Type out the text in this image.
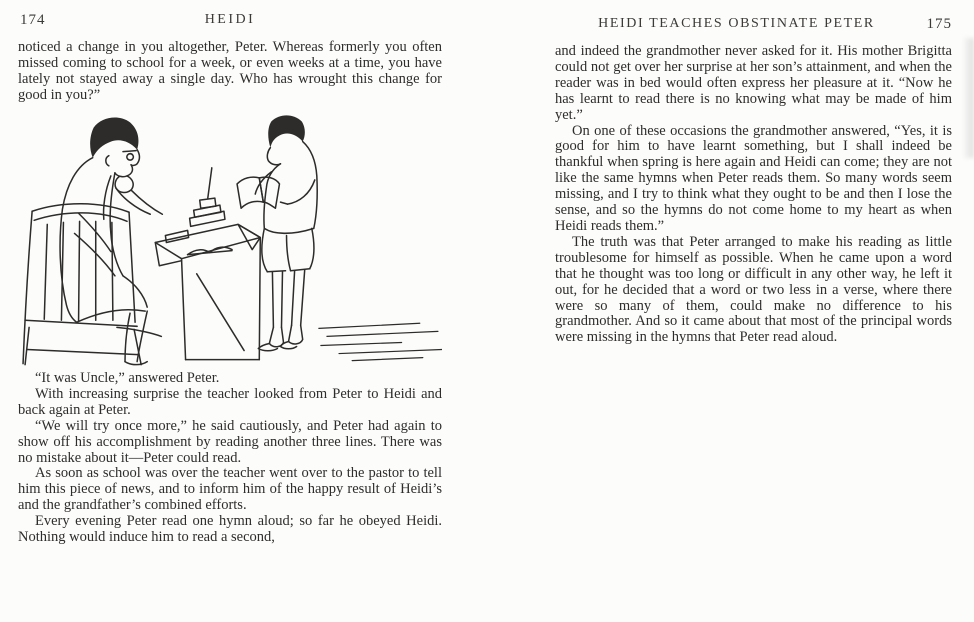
174	HEIDI

noticed a change in you altogether, Peter. Whereas formerly you often missed coming to school for a week, or even weeks at a time, you have lately not stayed away a single day. Who has wrought this change for good in you?”

“It was Uncle,” answered Peter.

With increasing surprise the teacher looked from Peter to Heidi and back again at Peter.

“We will try once more,” he said cautiously, and Peter had again to show off his accomplishment by reading another three lines. There was no mistake about it—Peter could read.

As soon as school was over the teacher went over to the pastor to tell him this piece of news, and to inform him of the happy result of Heidi’s and the grandfather’s combined efforts.

Every evening Peter read one hymn aloud; so far he obeyed Heidi. Nothing would induce him to read a second,

HEIDI TEACHES OBSTINATE PETER	175

and indeed the grandmother never asked for it. His mother Brigitta could not get over her surprise at her son’s attainment, and when the reader was in bed would often express her pleasure at it. “Now he has learnt to read there is no knowing what may be made of him yet.”

On one of these occasions the grandmother answered, “Yes, it is good for him to have learnt something, but I shall indeed be thankful when spring is here again and Heidi can come; they are not like the same hymns when Peter reads them. So many words seem missing, and I try to think what they ought to be and then I lose the sense, and so the hymns do not come home to my heart as when Heidi reads them.”

The truth was that Peter arranged to make his reading as little troublesome for himself as possible. When he came upon a word that he thought was too long or difficult in any other way, he left it out, for he decided that a word or two less in a verse, where there were so many of them, could make no difference to his grandmother. And so it came about that most of the principal words were missing in the hymns that Peter read aloud.
